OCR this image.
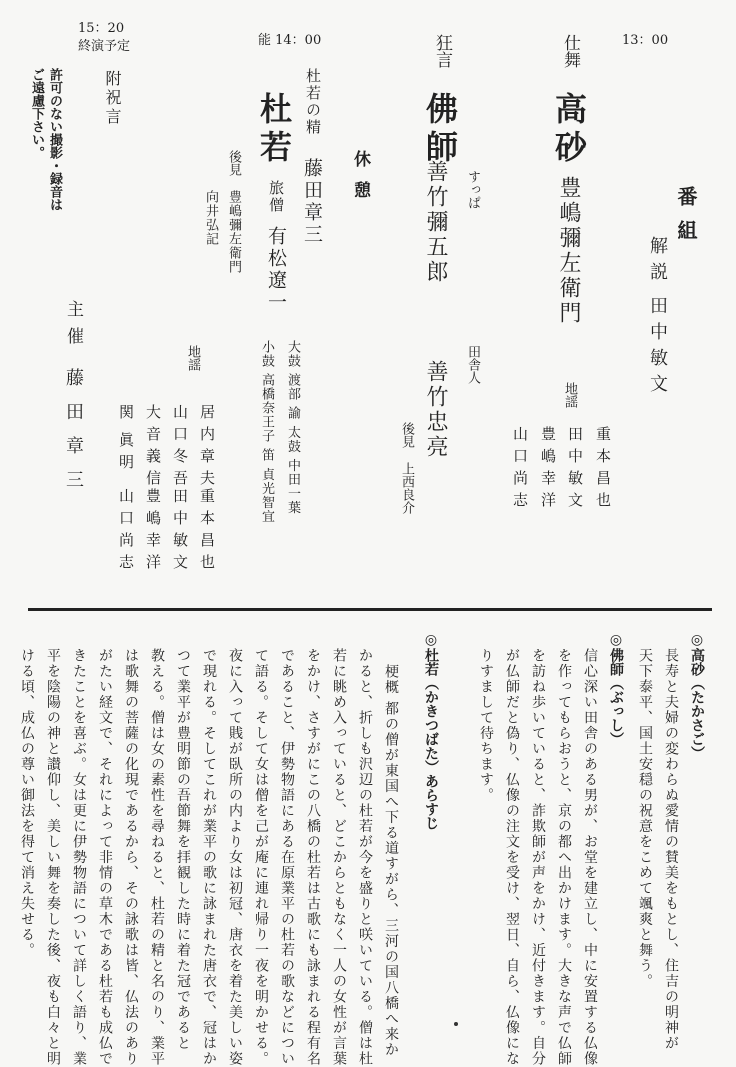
番組
解説
田中敏文
13：00
仕舞
高砂
豊嶋彌左衛門
地謡
重本昌也
田中敏文
豊嶋幸洋
山口尚志
狂言
佛師
すっぱ
善竹彌五郎
田舎人
善竹忠亮
後見
上西良介
休憩
能 14：00
杜若 杜若の精
藤田章三
旅僧
有松遼一
大鼓 渡部 諭 太鼓 中田一葉
小鼓 高橋奈王子 笛 貞光智宜
後見
豊嶋彌左衛門
向井弘記
地謡
居内章夫
重本昌也
山口冬吾
田中敏文
大音義信
豊嶋幸洋
関
眞明
山口尚志
15：20
終演予定
附祝言
許可のない撮影・録音は
ご遠慮下さい。
主催
藤田章三
◎高砂（たかさご）
長寿と夫婦の変わらぬ愛情の賛美をもとし、住吉の明神が
天下泰平、国土安穏の祝意をこめて颯爽と舞う。
◎佛師（ぶっし）
信心深い田舎のある男が、お堂を建立し、中に安置する仏像
を作ってもらおうと、京の都へ出かけます。大きな声で仏師
を訪ね歩いていると、詐欺師が声をかけ、近付きます。自分
が仏師だと偽り、仏像の注文を受け、翌日、自ら、仏像にな
りすまして待ちます。
◎杜若（かきつばた）あらすじ
梗概 都の僧が東国へ下る道すがら、三河の国八橋へ来か
かると、折しも沢辺の杜若が今を盛りと咲いている。僧は杜
若に眺め入っていると、どこからともなく一人の女性が言葉
をかけ、さすがにこの八橋の杜若は古歌にも詠まれる程有名
であること、伊勢物語にある在原業平の杜若の歌などについ
て語る。そして女は僧を己が庵に連れ帰り一夜を明かせる。
夜に入って賎が臥所の内より女は初冠、唐衣を着た美しい姿
で現れる。そしてこれが業平の歌に詠まれた唐衣で、冠はか
つて業平が豊明節の吾節舞を拝観した時に着た冠であると
教える。僧は女の素性を尋ねると、杜若の精と名のり、業平
は歌舞の菩薩の化現であるから、その詠歌は皆、仏法のあり
がたい経文で、それによって非情の草木である杜若も成仏で
きたことを喜ぶ。女は更に伊勢物語について詳しく語り、業
平を陰陽の神と讃仰し、美しい舞を奏した後、夜も白々と明
ける頃、成仏の尊い御法を得て消え失せる。
